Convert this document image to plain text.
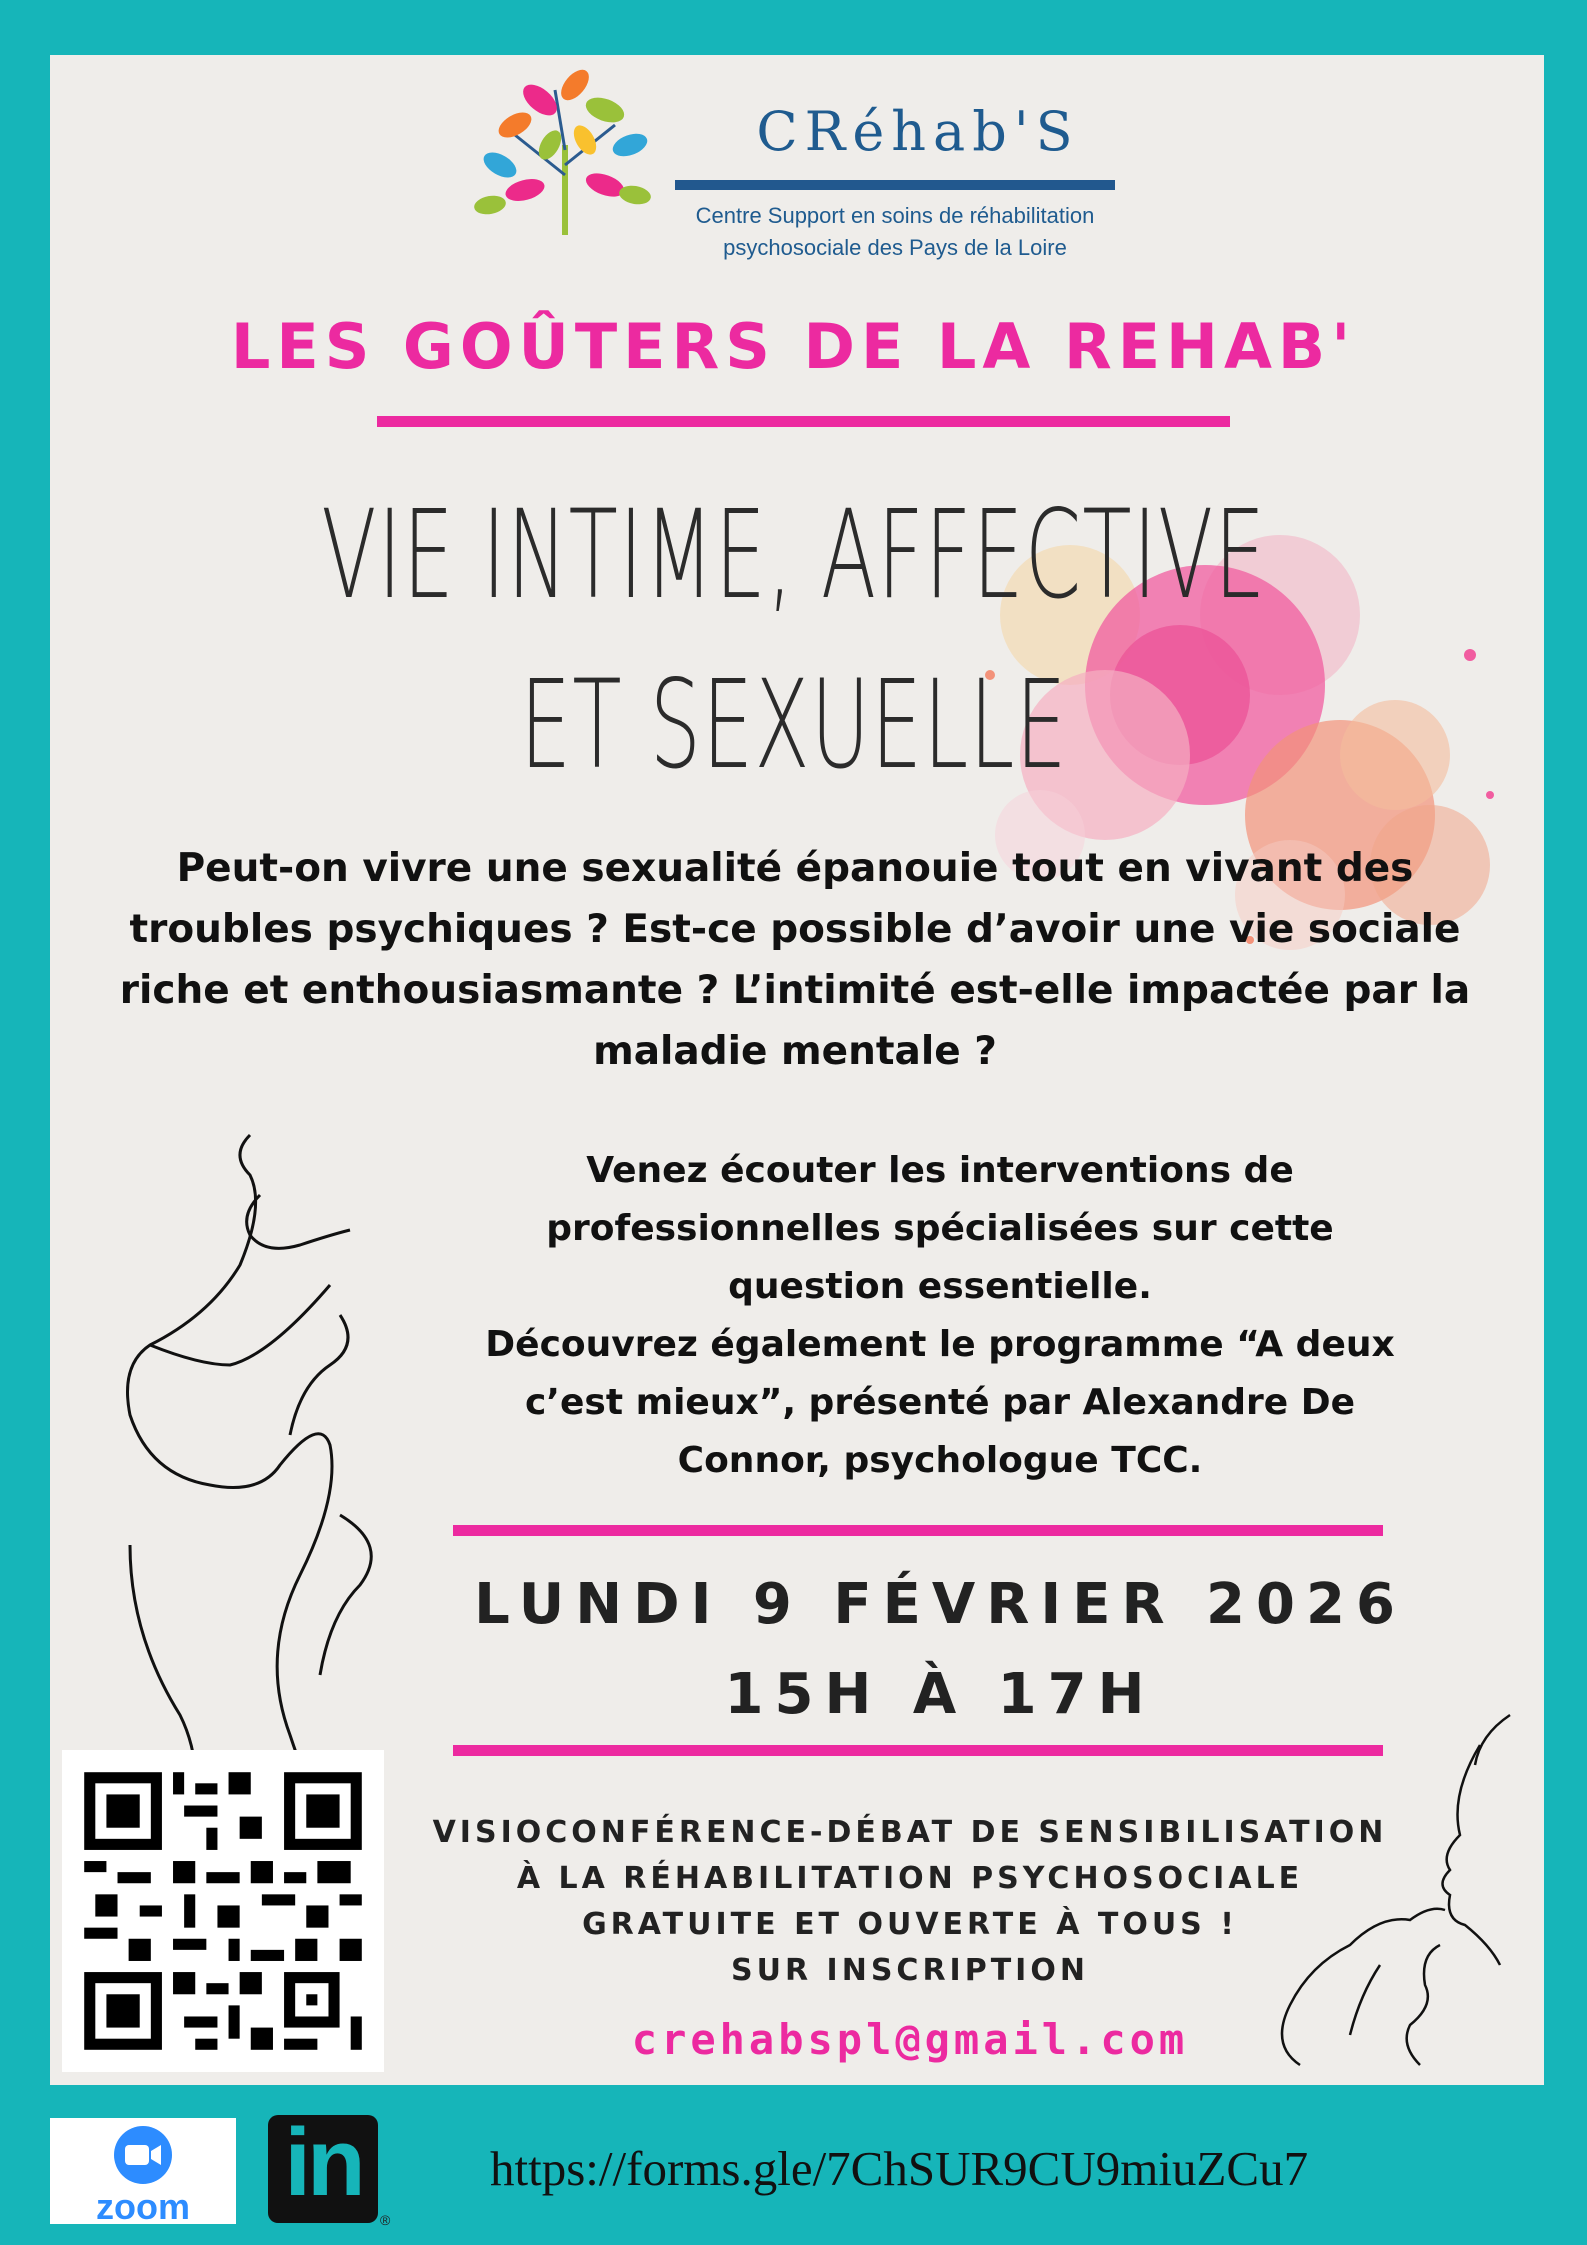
CRéhab'S
Centre Support en soins de réhabilitation
psychosociale des Pays de la Loire
LES GOÛTERS DE LA REHAB'
VIE INTIME, AFFECTIVE
ET SEXUELLE
Peut-on vivre une sexualité épanouie tout en vivant des
troubles psychiques ? Est-ce possible d’avoir une vie sociale
riche et enthousiasmante ? L’intimité est-elle impactée par la
maladie mentale ?
Venez écouter les interventions de
professionnelles spécialisées sur cette
question essentielle.
Découvrez également le programme “A deux
c’est mieux”, présenté par Alexandre De
Connor, psychologue TCC.
LUNDI 9 FÉVRIER 2026
15H À 17H
VISIOCONFÉRENCE-DÉBAT DE SENSIBILISATION
À LA RÉHABILITATION PSYCHOSOCIALE
GRATUITE ET OUVERTE À TOUS !
SUR INSCRIPTION
crehabspl@gmail.com
zoom in
®
https://forms.gle/7ChSUR9CU9miuZCu7
